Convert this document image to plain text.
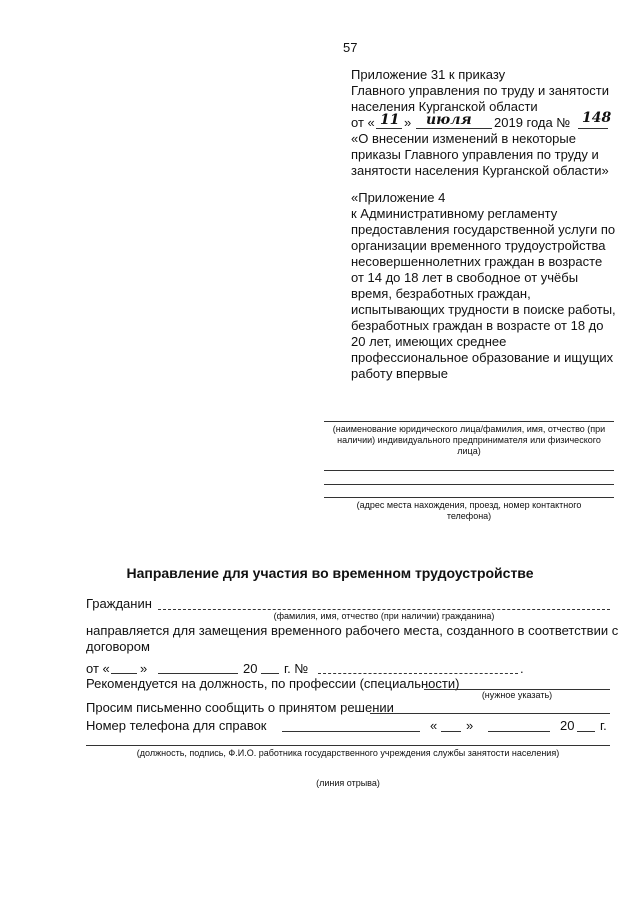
57
Приложение 31 к приказу
Главного управления по труду и занятости
населения Курганской области
от « 11 » июля 2019 года № 148
«О внесении изменений в некоторые
приказы Главного управления по труду и
занятости населения Курганской области»
«Приложение 4
к Административному регламенту
предоставления государственной услуги по
организации временного трудоустройства
несовершеннолетних граждан в возрасте
от 14 до 18 лет в свободное от учёбы
время, безработных граждан,
испытывающих трудности в поиске работы,
безработных граждан в возрасте от 18 до
20 лет, имеющих среднее
профессиональное образование и ищущих
работу впервые
(наименование юридического лица/фамилия, имя, отчество (при
наличии) индивидуального предпринимателя или физического
лица)
(адрес места нахождения, проезд, номер контактного
телефона)
Направление для участия во временном трудоустройстве
Гражданин
(фамилия, имя, отчество (при наличии) гражданина)
направляется для замещения временного рабочего места, созданного в соответствии с
договором
от « »	20 г. №	.
Рекомендуется на должность, по профессии (специальности)
(нужное указать)
Просим письменно сообщить о принятом решении
Номер телефона для справок	« »	20 г.
(должность, подпись, Ф.И.О. работника государственного учреждения службы занятости населения)
(линия отрыва)
